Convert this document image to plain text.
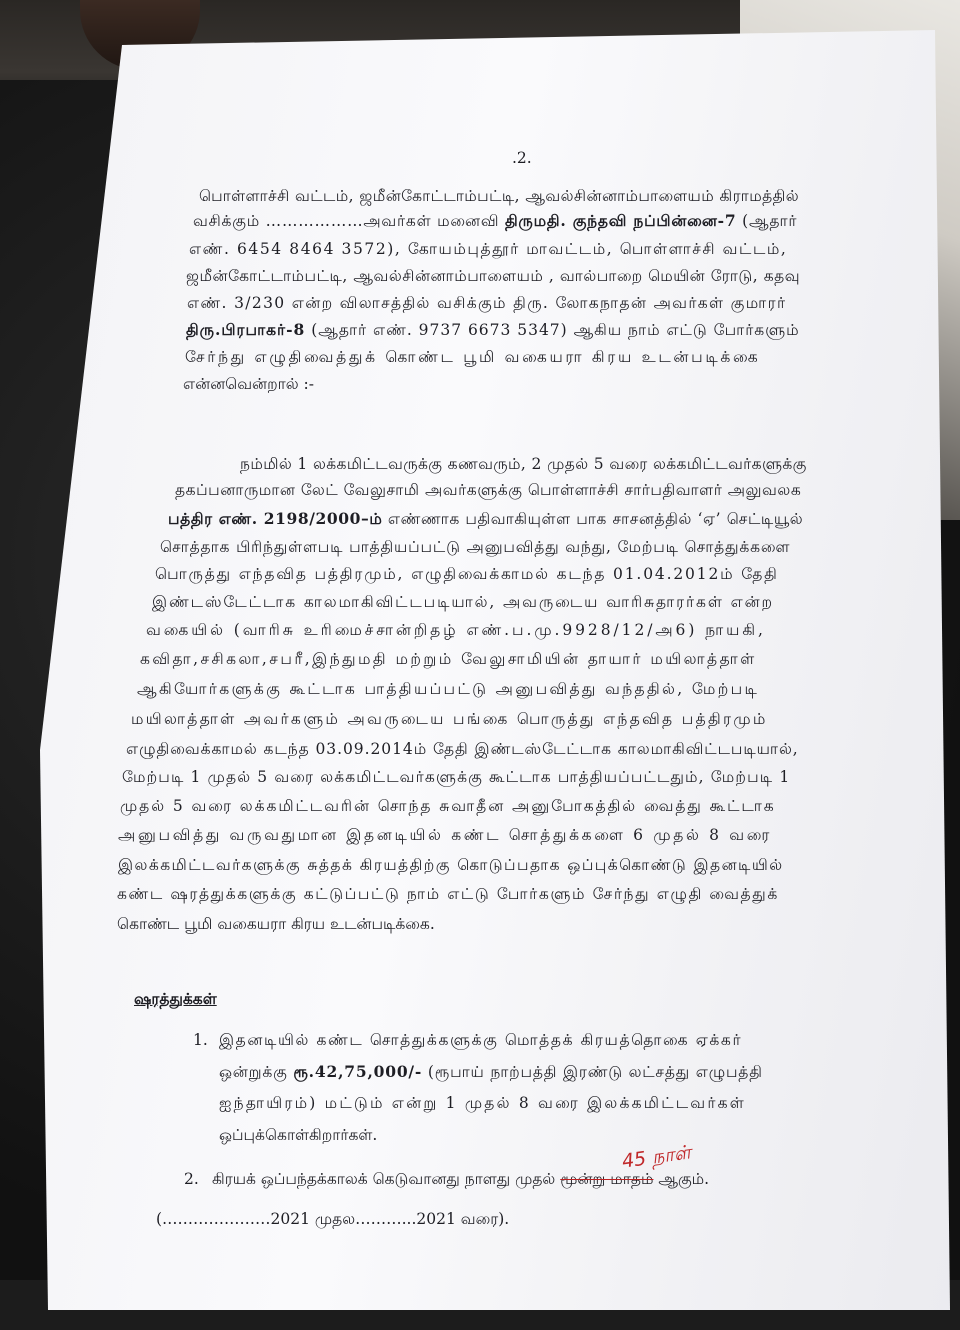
.2.
பொள்ளாச்சி வட்டம், ஜமீன்கோட்டாம்பட்டி, ஆவல்சின்னாம்பாளையம் கிராமத்தில்
வசிக்கும் ………………அவர்கள் மனைவி திருமதி. குந்தவி நப்பின்னை-7 (ஆதார்
எண். 6454 8464 3572), கோயம்புத்தூர் மாவட்டம், பொள்ளாச்சி வட்டம்,
ஜமீன்கோட்டாம்பட்டி, ஆவல்சின்னாம்பாளையம் , வால்பாறை மெயின் ரோடு, கதவு
எண். 3/230 என்ற விலாசத்தில் வசிக்கும் திரு. லோகநாதன் அவர்கள் குமாரர்
திரு.பிரபாகர்-8 (ஆதார் எண். 9737 6673 5347) ஆகிய நாம் எட்டு போர்களும்
சேர்ந்து எழுதிவைத்துக் கொண்ட பூமி வகையரா கிரய உடன்படிக்கை
என்னவென்றால் :-
நம்மில் 1 லக்கமிட்டவருக்கு கணவரும், 2 முதல் 5 வரை லக்கமிட்டவர்களுக்கு
தகப்பனாருமான லேட் வேலுசாமி அவர்களுக்கு பொள்ளாச்சி சார்பதிவாளர் அலுவலக
பத்திர எண். 2198/2000–ம் எண்ணாக பதிவாகியுள்ள பாக சாசனத்தில் ‘ஏ’ செட்டியூல்
சொத்தாக பிரிந்துள்ளபடி பாத்தியப்பட்டு அனுபவித்து வந்து, மேற்படி சொத்துக்களை
பொருத்து எந்தவித பத்திரமும், எழுதிவைக்காமல் கடந்த 01.04.2012ம் தேதி
இண்டஸ்டேட்டாக காலமாகிவிட்டபடியால், அவருடைய வாரிசுதாரர்கள் என்ற
வகையில் (வாரிசு உரிமைச்சான்றிதழ் எண்.ப.மு.9928/12/அ6) நாயகி,
கவிதா,சசிகலா,சபரீ,இந்துமதி மற்றும் வேலுசாமியின் தாயார் மயிலாத்தாள்
ஆகியோர்களுக்கு கூட்டாக பாத்தியப்பட்டு அனுபவித்து வந்ததில், மேற்படி
மயிலாத்தாள் அவர்களும் அவருடைய பங்கை பொருத்து எந்தவித பத்திரமும்
எழுதிவைக்காமல் கடந்த 03.09.2014ம் தேதி இண்டஸ்டேட்டாக காலமாகிவிட்டபடியால்,
மேற்படி 1 முதல் 5 வரை லக்கமிட்டவர்களுக்கு கூட்டாக பாத்தியப்பட்டதும், மேற்படி 1
முதல் 5 வரை லக்கமிட்டவரின் சொந்த சுவாதீன அனுபோகத்தில் வைத்து கூட்டாக
அனுபவித்து வருவதுமான இதனடியில் கண்ட சொத்துக்களை 6 முதல் 8 வரை
இலக்கமிட்டவர்களுக்கு சுத்தக் கிரயத்திற்கு கொடுப்பதாக ஒப்புக்கொண்டு இதனடியில்
கண்ட ஷரத்துக்களுக்கு கட்டுப்பட்டு நாம் எட்டு போர்களும் சேர்ந்து எழுதி வைத்துக்
கொண்ட பூமி வகையரா கிரய உடன்படிக்கை.
ஷரத்துக்கள்
1. இதனடியில் கண்ட சொத்துக்களுக்கு மொத்தக் கிரயத்தொகை ஏக்கர்
ஒன்றுக்கு ரூ.42,75,000/- (ரூபாய் நாற்பத்தி இரண்டு லட்சத்து எழுபத்தி
ஐந்தாயிரம்) மட்டும் என்று 1 முதல் 8 வரை இலக்கமிட்டவர்கள்
ஒப்புக்கொள்கிறார்கள்.
2. கிரயக் ஒப்பந்தக்காலக் கெடுவானது நாளது முதல் மூன்று மாதம் ஆகும்.
(…………………2021 முதல………...2021 வரை).
45 நாள்
